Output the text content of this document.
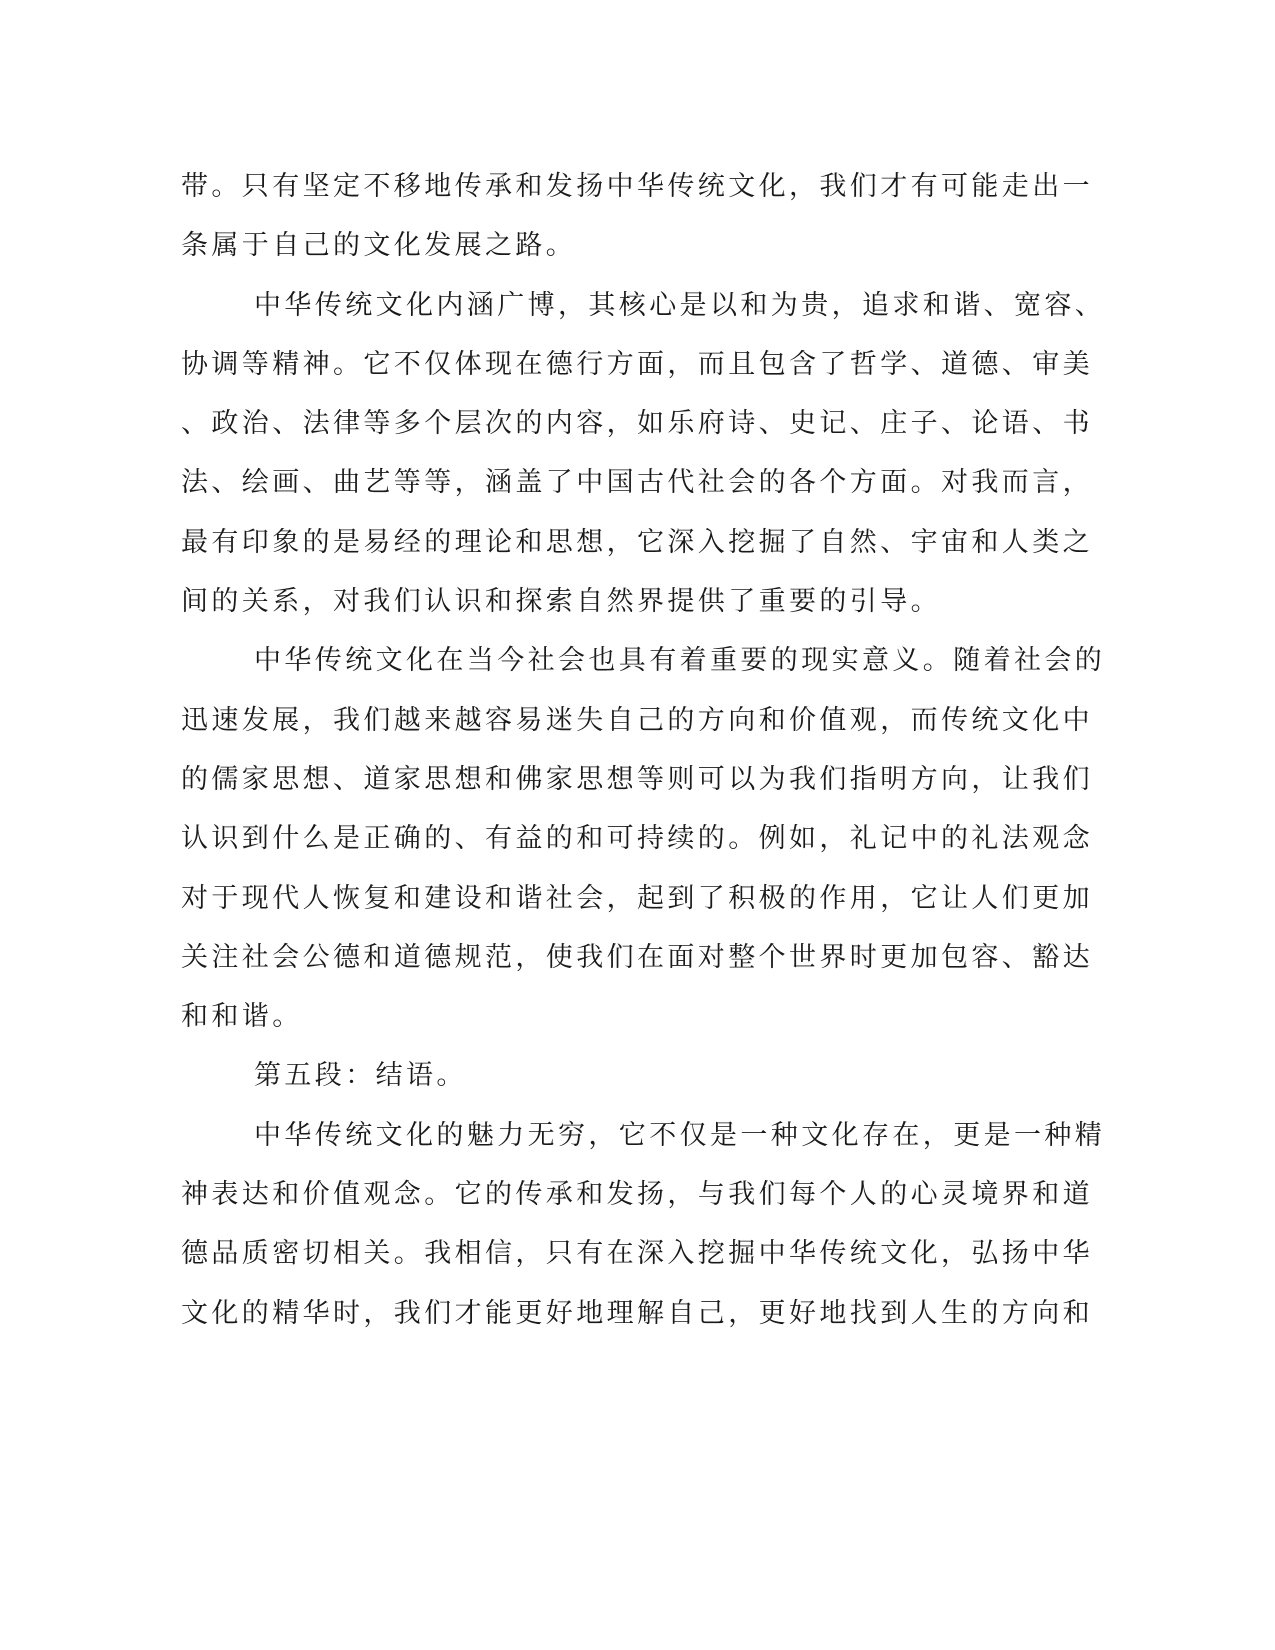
带。只有坚定不移地传承和发扬中华传统文化，我们才有可能走出一
条属于自己的文化发展之路。
中华传统文化内涵广博，其核心是以和为贵，追求和谐、宽容、
协调等精神。它不仅体现在德行方面，而且包含了哲学、道德、审美
、政治、法律等多个层次的内容，如乐府诗、史记、庄子、论语、书
法、绘画、曲艺等等，涵盖了中国古代社会的各个方面。对我而言，
最有印象的是易经的理论和思想，它深入挖掘了自然、宇宙和人类之
间的关系，对我们认识和探索自然界提供了重要的引导。
中华传统文化在当今社会也具有着重要的现实意义。随着社会的
迅速发展，我们越来越容易迷失自己的方向和价值观，而传统文化中
的儒家思想、道家思想和佛家思想等则可以为我们指明方向，让我们
认识到什么是正确的、有益的和可持续的。例如，礼记中的礼法观念
对于现代人恢复和建设和谐社会，起到了积极的作用，它让人们更加
关注社会公德和道德规范，使我们在面对整个世界时更加包容、豁达
和和谐。
第五段：结语。
中华传统文化的魅力无穷，它不仅是一种文化存在，更是一种精
神表达和价值观念。它的传承和发扬，与我们每个人的心灵境界和道
德品质密切相关。我相信，只有在深入挖掘中华传统文化，弘扬中华
文化的精华时，我们才能更好地理解自己，更好地找到人生的方向和
